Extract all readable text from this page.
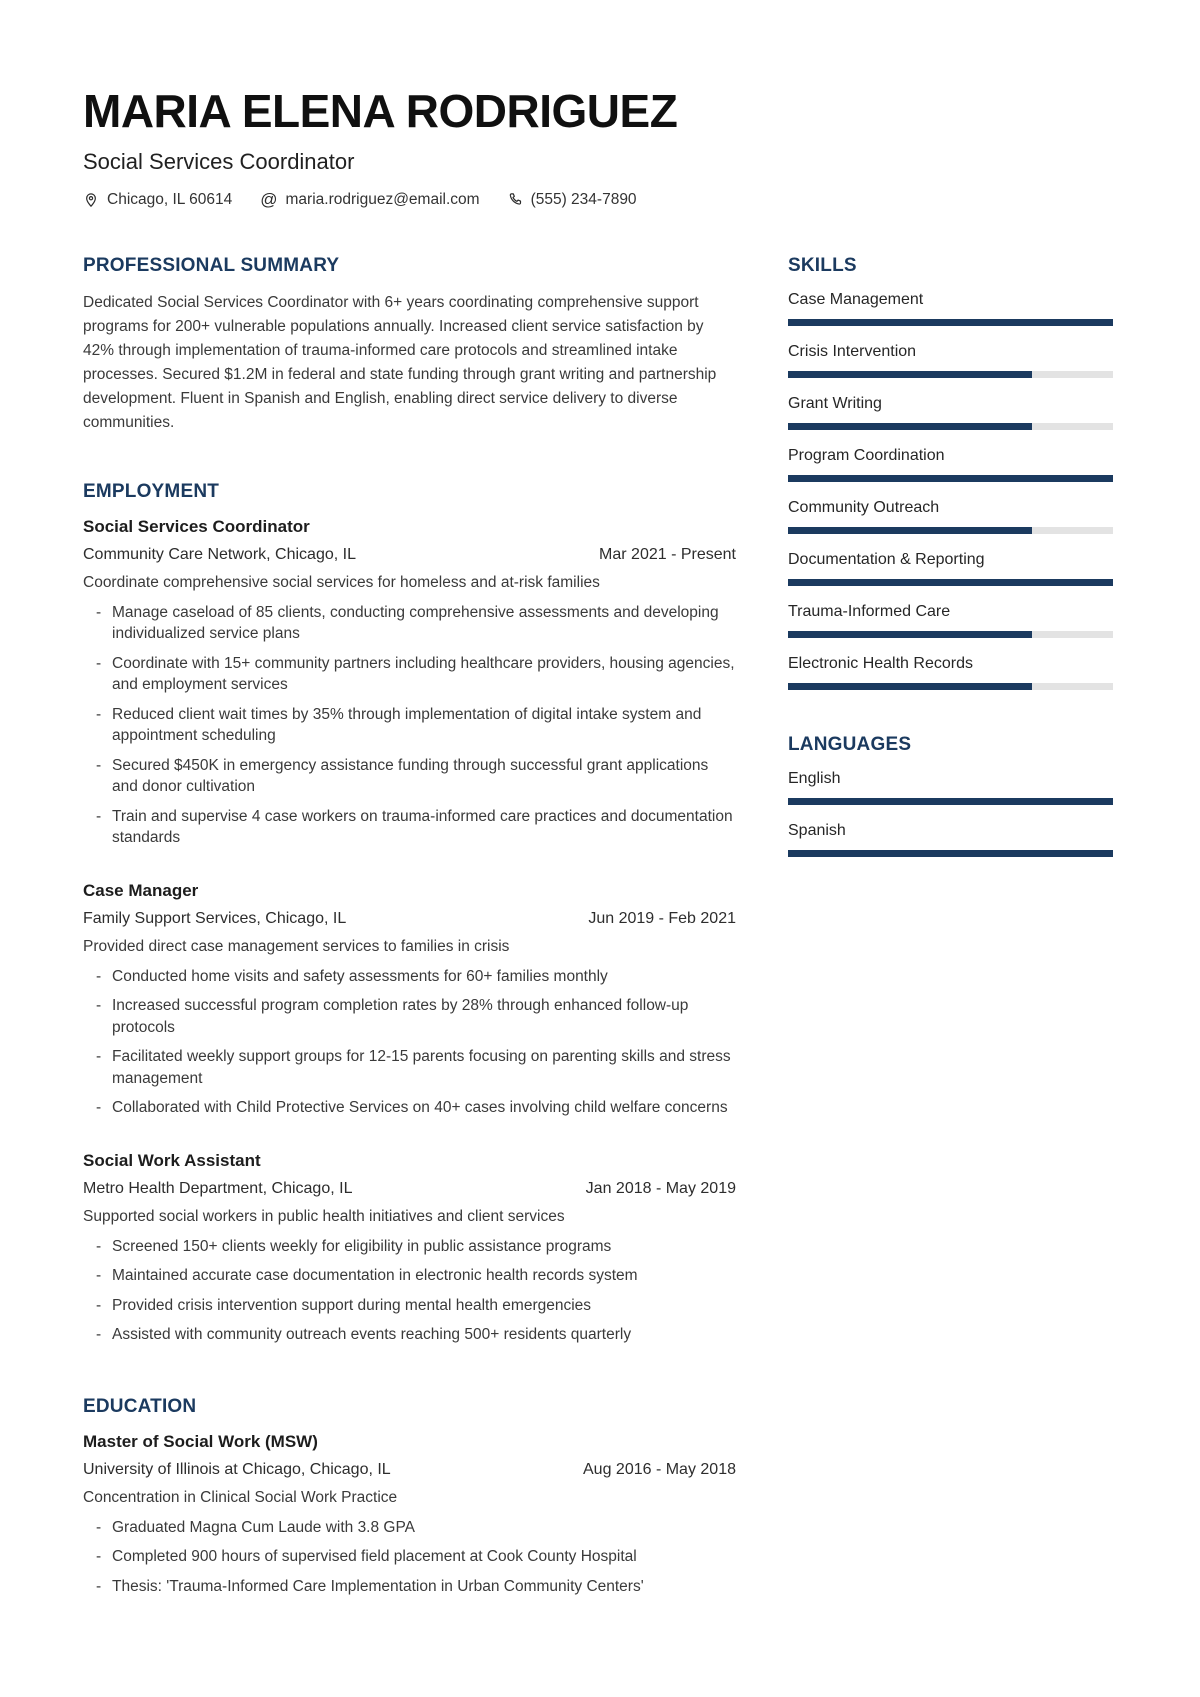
MARIA ELENA RODRIGUEZ
Social Services Coordinator
Chicago, IL 60614 @ maria.rodriguez@email.com	(555) 234-7890
PROFESSIONAL SUMMARY

Dedicated Social Services Coordinator with 6+ years coordinating comprehensive support programs for 200+ vulnerable populations annually. Increased client service satisfaction by 42% through implementation of trauma-informed care protocols and streamlined intake processes. Secured $1.2M in federal and state funding through grant writing and partnership development. Fluent in Spanish and English, enabling direct service delivery to diverse communities.

EMPLOYMENT
Social Services Coordinator
Community Care Network, Chicago, IL	Mar 2021 - Present
Coordinate comprehensive social services for homeless and at-risk families
- Manage caseload of 85 clients, conducting comprehensive assessments and developing individualized service plans
- Coordinate with 15+ community partners including healthcare providers, housing agencies, and employment services
- Reduced client wait times by 35% through implementation of digital intake system and appointment scheduling
- Secured $450K in emergency assistance funding through successful grant applications and donor cultivation
- Train and supervise 4 case workers on trauma-informed care practices and documentation standards
Case Manager
Family Support Services, Chicago, IL	Jun 2019 - Feb 2021
Provided direct case management services to families in crisis
- Conducted home visits and safety assessments for 60+ families monthly
- Increased successful program completion rates by 28% through enhanced follow-up protocols
- Facilitated weekly support groups for 12-15 parents focusing on parenting skills and stress management
- Collaborated with Child Protective Services on 40+ cases involving child welfare concerns
Social Work Assistant
Metro Health Department, Chicago, IL	Jan 2018 - May 2019
Supported social workers in public health initiatives and client services
- Screened 150+ clients weekly for eligibility in public assistance programs
- Maintained accurate case documentation in electronic health records system
- Provided crisis intervention support during mental health emergencies
- Assisted with community outreach events reaching 500+ residents quarterly
EDUCATION
Master of Social Work (MSW)
University of Illinois at Chicago, Chicago, IL	Aug 2016 - May 2018
Concentration in Clinical Social Work Practice
- Graduated Magna Cum Laude with 3.8 GPA
- Completed 900 hours of supervised field placement at Cook County Hospital
- Thesis: 'Trauma-Informed Care Implementation in Urban Community Centers'
SKILLS
Case Management
Crisis Intervention
Grant Writing
Program Coordination
Community Outreach
Documentation & Reporting
Trauma-Informed Care
Electronic Health Records
LANGUAGES
English
Spanish
